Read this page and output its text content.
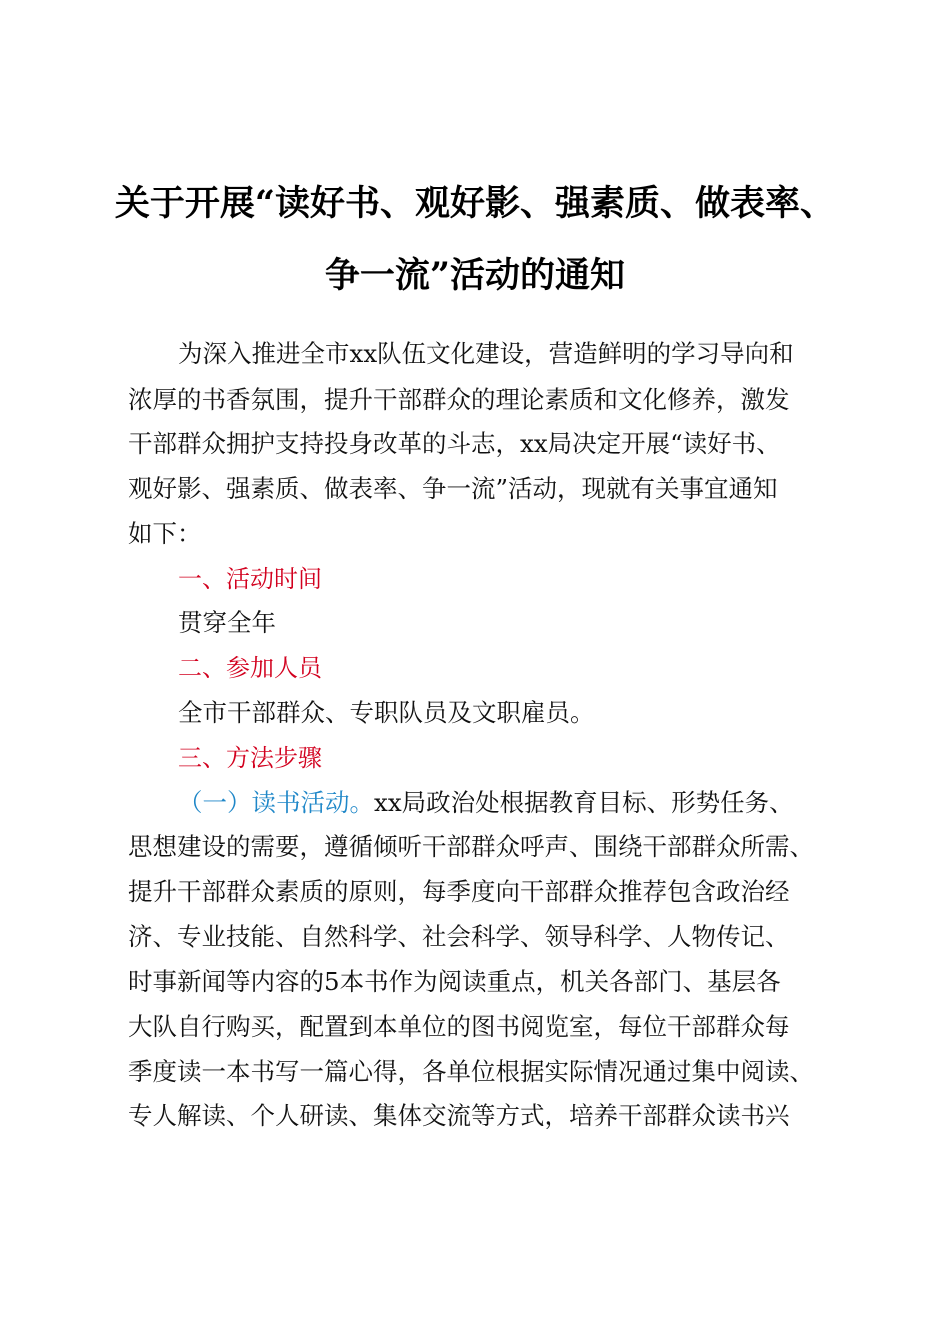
关于开展“读好书、观好影、强素质、做表率、
争一流”活动的通知
为深入推进全市xx队伍文化建设，营造鲜明的学习导向和
浓厚的书香氛围，提升干部群众的理论素质和文化修养，激发
干部群众拥护支持投身改革的斗志，xx局决定开展“读好书、
观好影、强素质、做表率、争一流”活动，现就有关事宜通知
如下：
一、活动时间
贯穿全年
二、参加人员
全市干部群众、专职队员及文职雇员。
三、方法步骤
（一）读书活动。xx局政治处根据教育目标、形势任务、
思想建设的需要，遵循倾听干部群众呼声、围绕干部群众所需、
提升干部群众素质的原则，每季度向干部群众推荐包含政治经
济、专业技能、自然科学、社会科学、领导科学、人物传记、
时事新闻等内容的5本书作为阅读重点，机关各部门、基层各
大队自行购买，配置到本单位的图书阅览室，每位干部群众每
季度读一本书写一篇心得，各单位根据实际情况通过集中阅读、
专人解读、个人研读、集体交流等方式，培养干部群众读书兴
